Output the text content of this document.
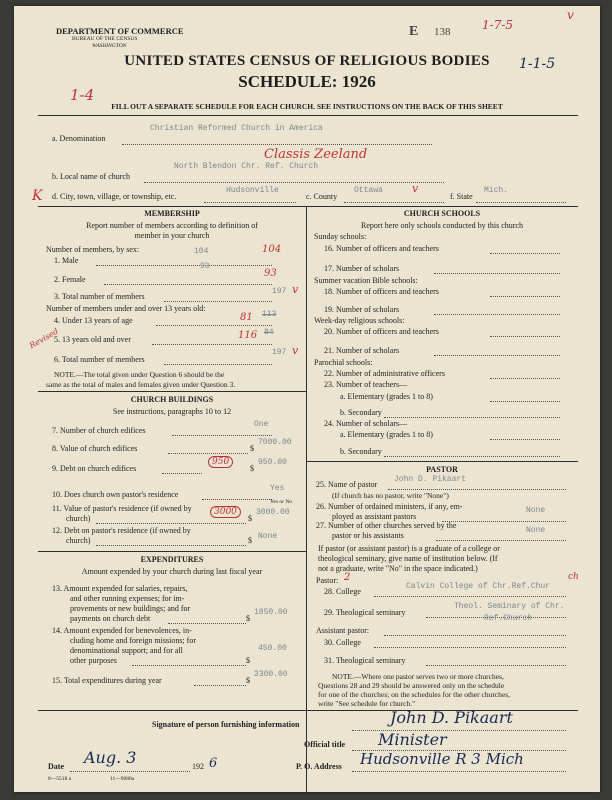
DEPARTMENT OF COMMERCE
BUREAU OF THE CENSUS
WASHINGTON
E 138	1-7-5
v
1-1-5
UNITED STATES CENSUS OF RELIGIOUS BODIES
SCHEDULE: 1926
1-4
FILL OUT A SEPARATE SCHEDULE FOR EACH CHURCH. SEE INSTRUCTIONS ON THE BACK OF THIS SHEET
a. Denomination
Christian Reformed Church in America
Classis Zeeland
b. Local name of church
North Blendon Chr. Ref. Church
K d. City, town, village, or township, etc.
Hudsonville
c. County
Ottawa	v
f. State
Mich.
MEMBERSHIP
Report number of members according to definition of
member in your church
Number of members, by sex:
1. Male
104	104
2. Female
93
93
3. Total number of members
197 v
Number of members under and over 13 years old:
Revised
4. Under 13 years of age	81 113
5. 13 years old and over	116 84
6. Total number of members
197 v
NOTE.—The total given under Question 6 should be the
same as the total of males and females given under Question 3.
CHURCH BUILDINGS
See instructions, paragraphs 10 to 12
7. Number of church edifices
One
8. Value of church edifices	$
7000.00
9. Debt on church edifices
950
$
950.00
10. Does church own pastor's residence
Yes
Yes or No
11. Value of pastor's residence (if owned by
church)
3000
$
3000.00
12. Debt on pastor's residence (if owned by
church)	$ None
EXPENDITURES
Amount expended by your church during last fiscal year
13. Amount expended for salaries, repairs,
and other running expenses; for im-
provements or new buildings; and for
payments on church debt	$
1850.00
14. Amount expended for benevolences, in-
cluding home and foreign missions; for
denominational support; and for all
other purposes	$
450.00
15. Total expenditures during year	$
2300.00
CHURCH SCHOOLS
Report here only schools conducted by this church
Sunday schools:
16. Number of officers and teachers
17. Number of scholars
Summer vacation Bible schools:
18. Number of officers and teachers
19. Number of scholars
Week-day religious schools:
20. Number of officers and teachers
21. Number of scholars
Parochial schools:
22. Number of administrative officers
23. Number of teachers—
a. Elementary (grades 1 to 8)
b. Secondary
24. Number of scholars—
a. Elementary (grades 1 to 8)
b. Secondary
PASTOR
25. Name of pastor
John D. Pikaart
(If church has no pastor, write "None")
26. Number of ordained ministers, if any, em-
ployed as assistant pastors
None
27. Number of other churches served by the
pastor or his assistants
None
If pastor (or assistant pastor) is a graduate of a college or
theological seminary, give name of institution below. (If
not a graduate, write "No" in the space indicated.)
Pastor: 2
28. College
Calvin College of Chr.Ref.Chur
ch
29. Theological seminary
Theol. Seminary of Chr.
Ref.Church
Assistant pastor:
30. College
31. Theological seminary
NOTE.—Where one pastor serves two or more churches,
Questions 28 and 29 should be answered only on the schedule
for one of the churches; on the schedules for the other churches,
write "See schedule for church."
Signature of person furnishing information	John D. Pikaart
Official title Minister
Date Aug. 3	192 6	P. O. Address Hudsonville R 3 Mich
8—5518 a	11—9088a
